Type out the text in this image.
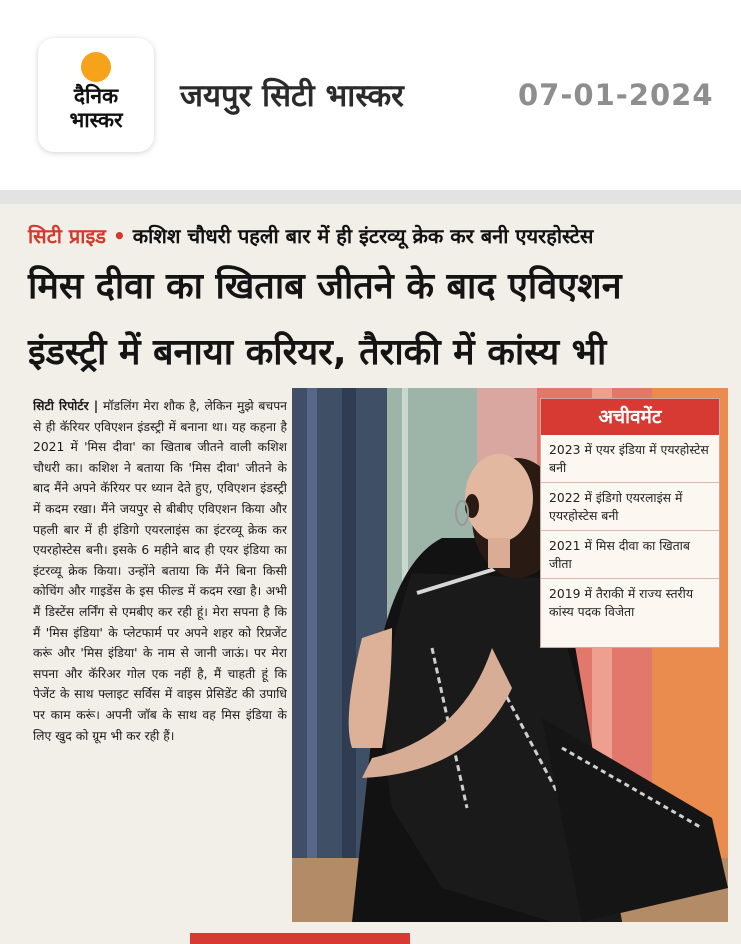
दैनिक
भास्कर
जयपुर सिटी भास्कर	07-01-2024
सिटी प्राइड • कशिश चौधरी पहली बार में ही इंटरव्यू क्रेक कर बनी एयरहोस्टेस
मिस दीवा का खिताब जीतने के बाद एविएशन
इंडस्ट्री में बनाया करियर, तैराकी में कांस्य भी
सिटी रिपोर्टर | मॉडलिंग मेरा शौक है, लेकिन मुझे बचपन से ही कॅरियर एविएशन इंडस्ट्री में बनाना था। यह कहना है 2021 में 'मिस दीवा' का खिताब जीतने वाली कशिश चौधरी का। कशिश ने बताया कि 'मिस दीवा' जीतने के बाद मैंने अपने कॅरियर पर ध्यान देते हुए, एविएशन इंडस्ट्री में कदम रखा। मैंने जयपुर से बीबीए एविएशन किया और पहली बार में ही इंडिगो एयरलाइंस का इंटरव्यू क्रेक कर एयरहोस्टेस बनी। इसके 6 महीने बाद ही एयर इंडिया का इंटरव्यू क्रेक किया। उन्होंने बताया कि मैंने बिना किसी कोचिंग और गाइडेंस के इस फील्ड में कदम रखा है। अभी मैं डिस्टेंस लर्निंग से एमबीए कर रही हूं। मेरा सपना है कि मैं 'मिस इंडिया' के प्लेटफार्म पर अपने शहर को रिप्रजेंट करूं और 'मिस इंडिया' के नाम से जानी जाऊं। पर मेरा सपना और कॅरिअर गोल एक नहीं है, मैं चाहती हूं कि पेजेंट के साथ फ्लाइट सर्विस में वाइस प्रेसिडेंट की उपाधि पर काम करूं। अपनी जॉब के साथ वह मिस इंडिया के लिए खुद को ग्रूम भी कर रही हैं।
अचीवमेंट
2023 में एयर इंडिया में एयरहोस्टेस बनी
2022 में इंडिगो एयरलाइंस में एयरहोस्टेस बनी
2021 में मिस दीवा का खिताब जीता
2019 में तैराकी में राज्य स्तरीय कांस्य पदक विजेता
